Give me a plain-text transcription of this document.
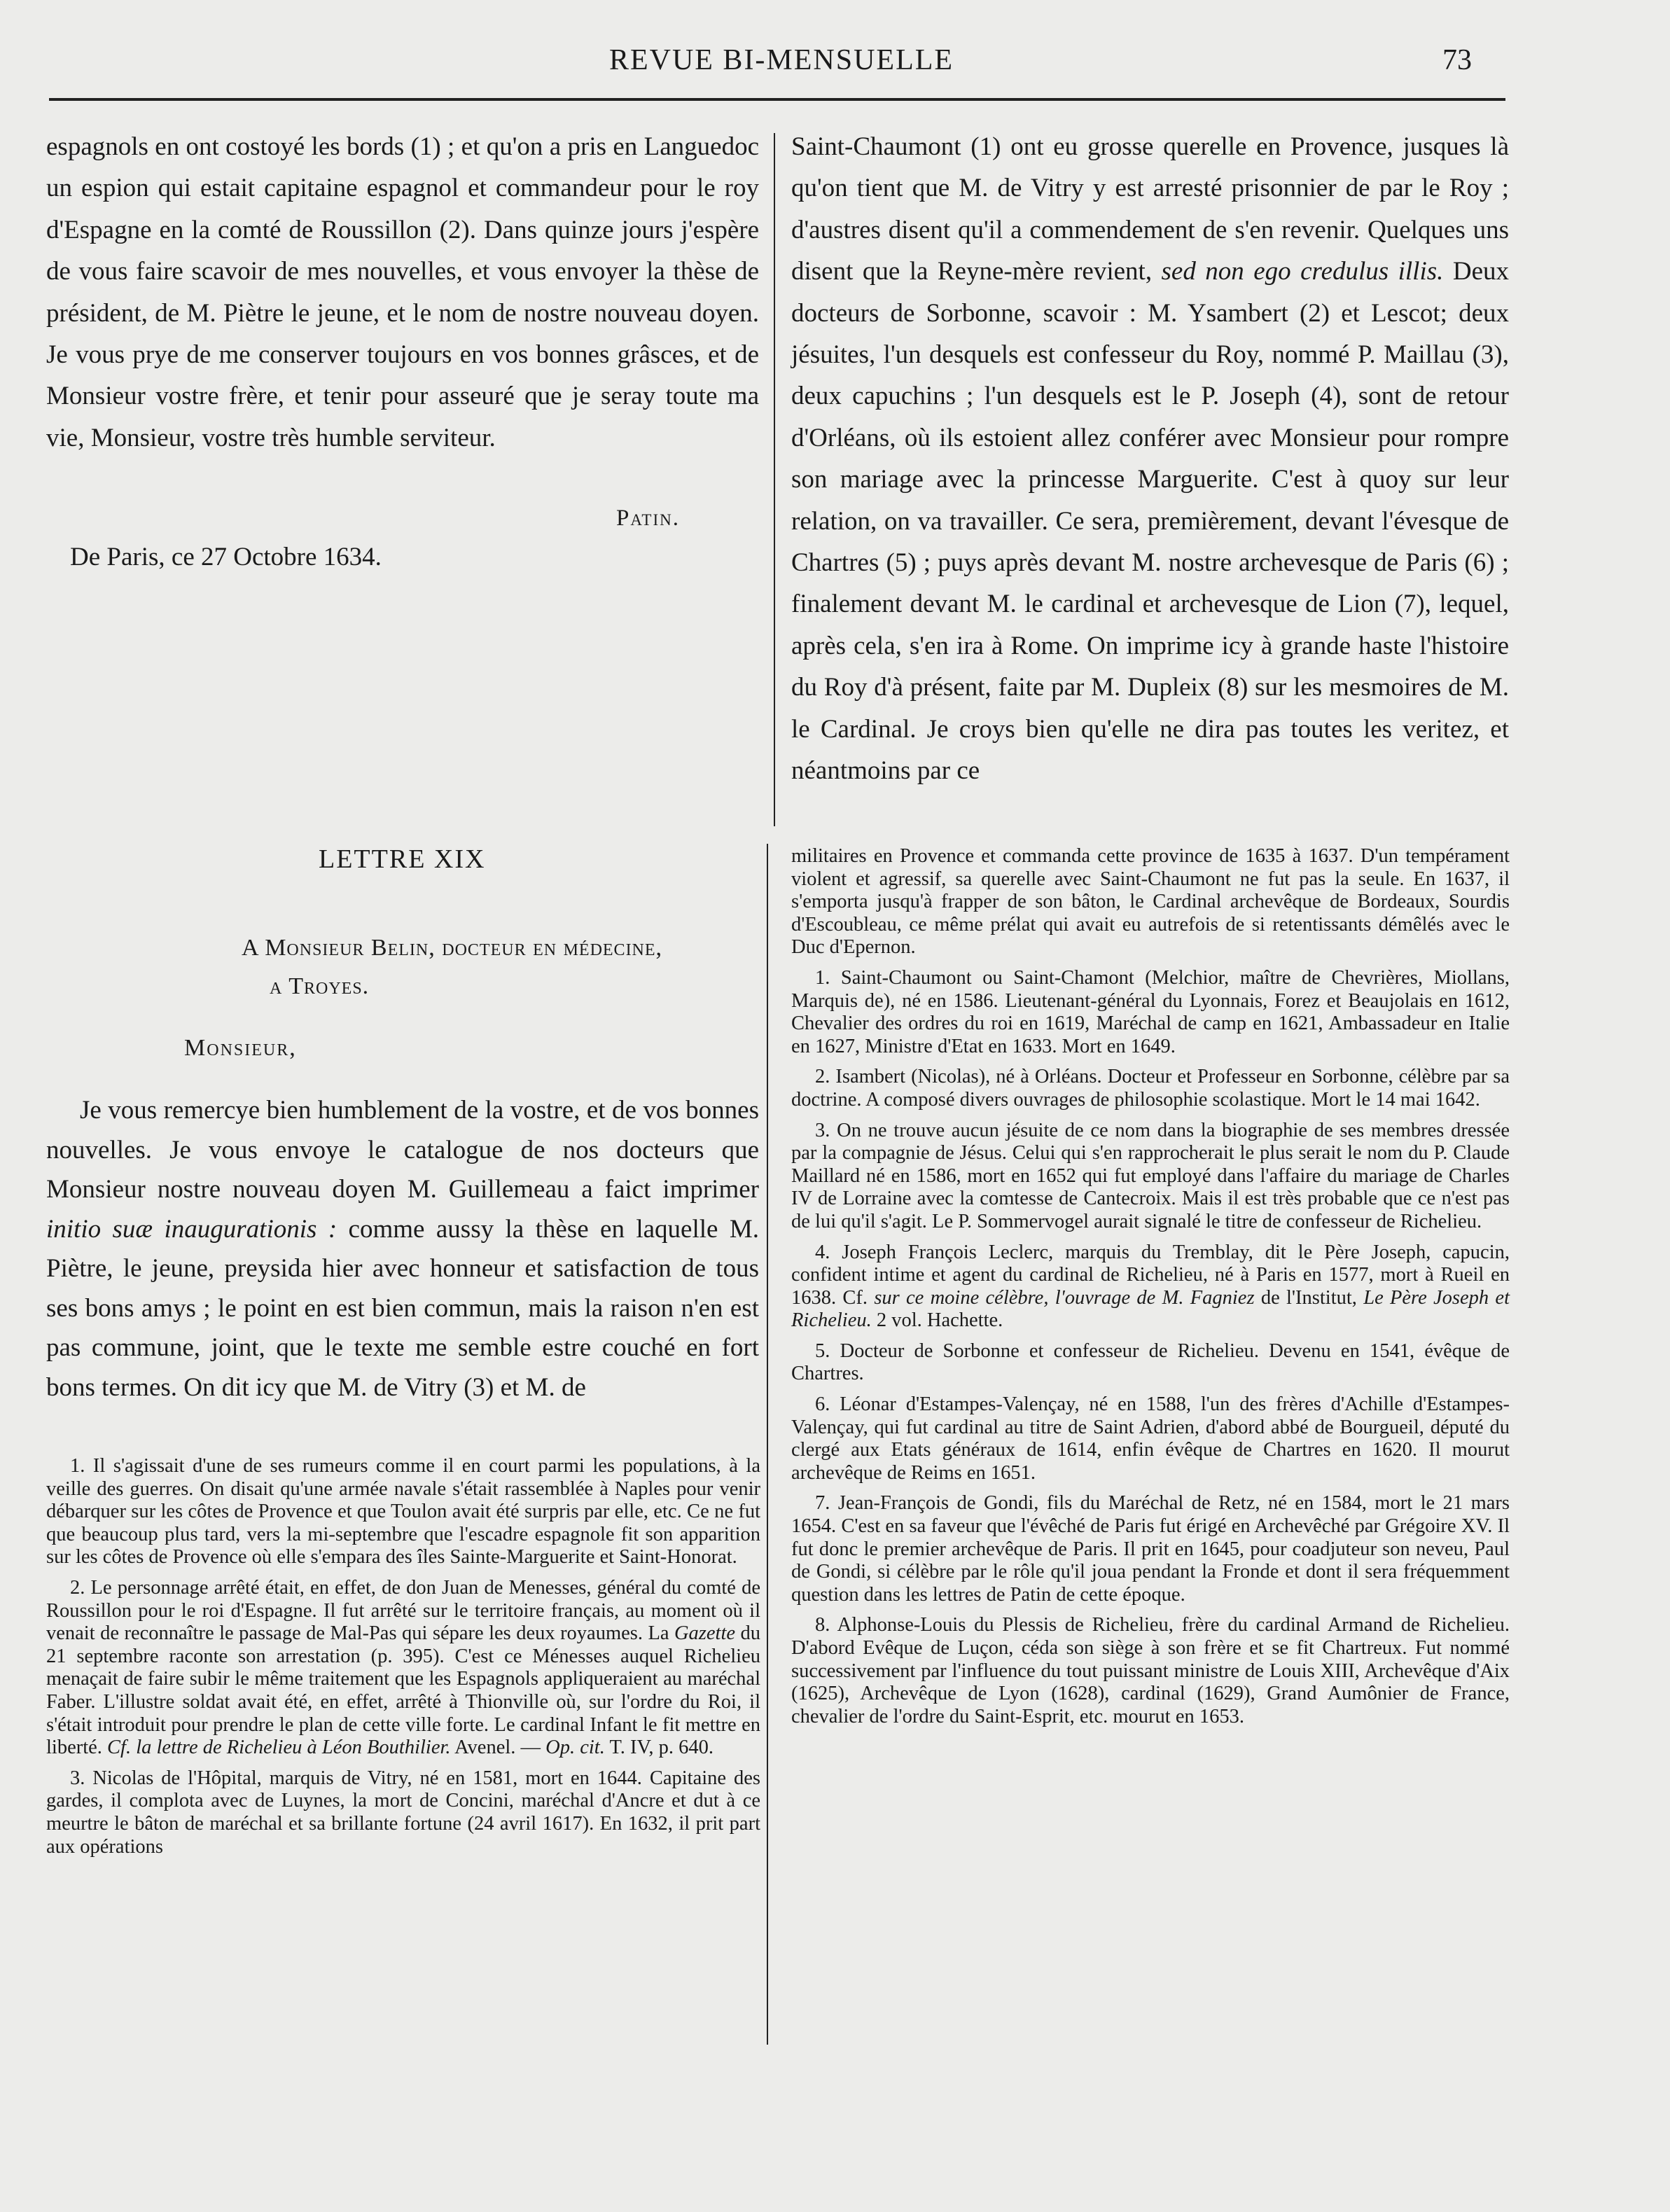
REVUE BI-MENSUELLE	73

espagnols en ont costoyé les bords (1) ; et qu'on a pris en Languedoc un espion qui estait capitaine espagnol et commandeur pour le roy d'Espagne en la comté de Roussillon (2). Dans quinze jours j'espère de vous faire scavoir de mes nouvelles, et vous envoyer la thèse de président, de M. Piètre le jeune, et le nom de nostre nouveau doyen. Je vous prye de me conserver toujours en vos bonnes grâsces, et de Monsieur vostre frère, et tenir pour asseuré que je seray toute ma vie, Monsieur, vostre très humble serviteur.

Patin.
De Paris, ce 27 Octobre 1634.

Saint-Chaumont (1) ont eu grosse querelle en Provence, jusques là qu'on tient que M. de Vitry y est arresté prisonnier de par le Roy ; d'austres disent qu'il a commendement de s'en revenir. Quelques uns disent que la Reyne-mère revient, sed non ego credulus illis. Deux docteurs de Sorbonne, scavoir : M. Ysambert (2) et Lescot; deux jésuites, l'un desquels est confesseur du Roy, nommé P. Maillau (3), deux capuchins ; l'un desquels est le P. Joseph (4), sont de retour d'Orléans, où ils estoient allez conférer avec Monsieur pour rompre son mariage avec la princesse Marguerite. C'est à quoy sur leur relation, on va travailler. Ce sera, premièrement, devant l'évesque de Chartres (5) ; puys après devant M. nostre archevesque de Paris (6) ; finalement devant M. le cardinal et archevesque de Lion (7), lequel, après cela, s'en ira à Rome. On imprime icy à grande haste l'histoire du Roy d'à présent, faite par M. Dupleix (8) sur les mesmoires de M. le Cardinal. Je croys bien qu'elle ne dira pas toutes les veritez, et néantmoins par ce

LETTRE XIX
A Monsieur Belin, docteur en médecine,
a Troyes.
Monsieur,

Je vous remercye bien humblement de la vostre, et de vos bonnes nouvelles. Je vous envoye le catalogue de nos docteurs que Monsieur nostre nouveau doyen M. Guillemeau a faict imprimer initio suæ inaugurationis : comme aussy la thèse en laquelle M. Piètre, le jeune, preysida hier avec honneur et satisfaction de tous ses bons amys ; le point en est bien commun, mais la raison n'en est pas commune, joint, que le texte me semble estre couché en fort bons termes. On dit icy que M. de Vitry (3) et M. de

1. Il s'agissait d'une de ses rumeurs comme il en court parmi les populations, à la veille des guerres. On disait qu'une armée navale s'était rassemblée à Naples pour venir débarquer sur les côtes de Provence et que Toulon avait été surpris par elle, etc. Ce ne fut que beaucoup plus tard, vers la mi-septembre que l'escadre espagnole fit son apparition sur les côtes de Provence où elle s'empara des îles Sainte-Marguerite et Saint-Honorat.

2. Le personnage arrêté était, en effet, de don Juan de Menesses, général du comté de Roussillon pour le roi d'Espagne. Il fut arrêté sur le territoire français, au moment où il venait de reconnaître le passage de Mal-Pas qui sépare les deux royaumes. La Gazette du 21 septembre raconte son arrestation (p. 395). C'est ce Ménesses auquel Richelieu menaçait de faire subir le même traitement que les Espagnols appliqueraient au maréchal Faber. L'illustre soldat avait été, en effet, arrêté à Thionville où, sur l'ordre du Roi, il s'était introduit pour prendre le plan de cette ville forte. Le cardinal Infant le fit mettre en liberté. Cf. la lettre de Richelieu à Léon Bouthilier. Avenel. — Op. cit. T. IV, p. 640.

3. Nicolas de l'Hôpital, marquis de Vitry, né en 1581, mort en 1644. Capitaine des gardes, il complota avec de Luynes, la mort de Concini, maréchal d'Ancre et dut à ce meurtre le bâton de maréchal et sa brillante fortune (24 avril 1617). En 1632, il prit part aux opérations

militaires en Provence et commanda cette province de 1635 à 1637. D'un tempérament violent et agressif, sa querelle avec Saint-Chaumont ne fut pas la seule. En 1637, il s'emporta jusqu'à frapper de son bâton, le Cardinal archevêque de Bordeaux, Sourdis d'Escoubleau, ce même prélat qui avait eu autrefois de si retentissants démêlés avec le Duc d'Epernon.

1. Saint-Chaumont ou Saint-Chamont (Melchior, maître de Chevrières, Miollans, Marquis de), né en 1586. Lieutenant-général du Lyonnais, Forez et Beaujolais en 1612, Chevalier des ordres du roi en 1619, Maréchal de camp en 1621, Ambassadeur en Italie en 1627, Ministre d'Etat en 1633. Mort en 1649.

2. Isambert (Nicolas), né à Orléans. Docteur et Professeur en Sorbonne, célèbre par sa doctrine. A composé divers ouvrages de philosophie scolastique. Mort le 14 mai 1642.

3. On ne trouve aucun jésuite de ce nom dans la biographie de ses membres dressée par la compagnie de Jésus. Celui qui s'en rapprocherait le plus serait le nom du P. Claude Maillard né en 1586, mort en 1652 qui fut employé dans l'affaire du mariage de Charles IV de Lorraine avec la comtesse de Cantecroix. Mais il est très probable que ce n'est pas de lui qu'il s'agit. Le P. Sommervogel aurait signalé le titre de confesseur de Richelieu.

4. Joseph François Leclerc, marquis du Tremblay, dit le Père Joseph, capucin, confident intime et agent du cardinal de Richelieu, né à Paris en 1577, mort à Rueil en 1638. Cf. sur ce moine célèbre, l'ouvrage de M. Fagniez de l'Institut, Le Père Joseph et Richelieu. 2 vol. Hachette.

5. Docteur de Sorbonne et confesseur de Richelieu. Devenu en 1541, évêque de Chartres.

6. Léonar d'Estampes-Valençay, né en 1588, l'un des frères d'Achille d'Estampes-Valençay, qui fut cardinal au titre de Saint Adrien, d'abord abbé de Bourgueil, député du clergé aux Etats généraux de 1614, enfin évêque de Chartres en 1620. Il mourut archevêque de Reims en 1651.

7. Jean-François de Gondi, fils du Maréchal de Retz, né en 1584, mort le 21 mars 1654. C'est en sa faveur que l'évêché de Paris fut érigé en Archevêché par Grégoire XV. Il fut donc le premier archevêque de Paris. Il prit en 1645, pour coadjuteur son neveu, Paul de Gondi, si célèbre par le rôle qu'il joua pendant la Fronde et dont il sera fréquemment question dans les lettres de Patin de cette époque.

8. Alphonse-Louis du Plessis de Richelieu, frère du cardinal Armand de Richelieu. D'abord Evêque de Luçon, céda son siège à son frère et se fit Chartreux. Fut nommé successivement par l'influence du tout puissant ministre de Louis XIII, Archevêque d'Aix (1625), Archevêque de Lyon (1628), cardinal (1629), Grand Aumônier de France, chevalier de l'ordre du Saint-Esprit, etc. mourut en 1653.
